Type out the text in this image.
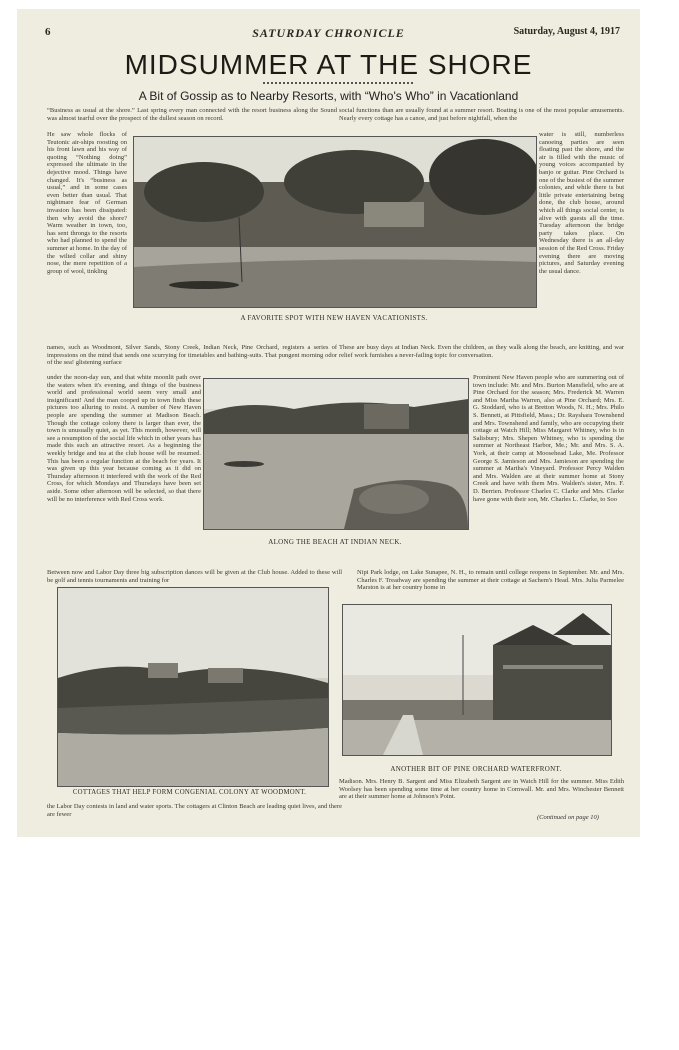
6	SATURDAY CHRONICLE	Saturday, August 4, 1917
MIDSUMMER AT THE SHORE
A Bit of Gossip as to Nearby Resorts, with “Who's Who” in Vacationland
“Business as usual at the shore.” Last spring every man connected with the resort business along the Sound was almost tearful over the prospect of the dullest season on record.
social functions than are usually found at a summer resort. Boating is one of the most popular amusements. Nearly every cottage has a canoe, and just before nightfall, when the
He saw whole flocks of Teutonic air-ships roosting on his front lawn and his way of quoting “Nothing doing” expressed the ultimate in the dejective mood. Things have changed. It's “business as usual,” and in some cases even better than usual. That nightmare fear of German invasion has been dissipated: then why avoid the shore? Warm weather in town, too, has sent throngs to the resorts who had planned to spend the summer at home. In the day of the wilted collar and shiny nose, the mere repetition of a group of wool, tinkling
A FAVORITE SPOT WITH NEW HAVEN VACATIONISTS.
water is still, numberless canoeing parties are seen floating past the shore, and the air is filled with the music of young voices accompanied by banjo or guitar. Pine Orchard is one of the busiest of the summer colonies, and while there is but little private entertaining being done, the club house, around which all things social center, is alive with guests all the time. Tuesday afternoon the bridge party takes place. On Wednesday there is an all-day session of the Red Cross. Friday evening there are moving pictures, and Saturday evening the usual dance.
names, such as Woodmont, Silver Sands, Stony Creek, Indian Neck, Pine Orchard, registers a series of impressions on the mind that sends one scurrying for timetables and bathing-suits. That pungent morning odor of the sea! glistening surface
These are busy days at Indian Neck. Even the children, as they walk along the beach, are knitting, and war relief work furnishes a never-failing topic for conversation.
under the noon-day sun, and that white moonlit path over the waters when it's evening, and things of the business world and professional world seem very small and insignificant! And the man cooped up in town finds these pictures too alluring to resist. A number of New Haven people are spending the summer at Madison Beach. Though the cottage colony there is larger than ever, the town is unusually quiet, as yet. This month, however, will see a resumption of the social life which in other years has made this such an attractive resort. As a beginning the weekly bridge and tea at the club house will be resumed. This has been a regular function at the beach for years. It was given up this year because coming as it did on Thursday afternoon it interfered with the work of the Red Cross, for which Mondays and Thursdays have been set aside. Some other afternoon will be selected, so that there will be no interference with Red Cross work.
ALONG THE BEACH AT INDIAN NECK.
Prominent New Haven people who are summering out of town include: Mr. and Mrs. Burton Mansfield, who are at Pine Orchard for the season; Mrs. Frederick M. Warren and Miss Martha Warren, also at Pine Orchard; Mrs. E. G. Stoddard, who is at Bretton Woods, N. H.; Mrs. Philo S. Bennett, at Pittsfield, Mass.; Dr. Rayshara Townshend and Mrs. Townshend and family, who are occupying their cottage at Watch Hill; Miss Margaret Whitney, who is in Salisbury; Mrs. Shepen Whitney, who is spending the summer at Northeast Harbor, Me.; Mr. and Mrs. S. A. York, at their camp at Moosehead Lake, Me. Professor George S. Jamieson and Mrs. Jamieson are spending the summer at Martha's Vineyard. Professor Percy Walden and Mrs. Walden are at their summer home at Stony Creek and have with them Mrs. Walden's sister, Mrs. F. D. Berrien. Professor Charles C. Clarke and Mrs. Clarke have gone with their son, Mr. Charles L. Clarke, to Soo
Between now and Labor Day three big subscription dances will be given at the Club house. Added to these will be golf and tennis tournaments and training for
Nipi Park lodge, on Lake Sunapee, N. H., to remain until college reopens in September. Mr. and Mrs. Charles F. Treadway are spending the summer at their cottage at Sachem's Head. Mrs. Julia Parmelee Marston is at her country home in
COTTAGES THAT HELP FORM CONGENIAL COLONY AT WOODMONT.
ANOTHER BIT OF PINE ORCHARD WATERFRONT.
the Labor Day contests in land and water sports. The cottagers at Clinton Beach are leading quiet lives, and there are fewer
Madison. Mrs. Henry B. Sargent and Miss Elizabeth Sargent are in Watch Hill for the summer. Miss Edith Woolsey has been spending some time at her country home in Cornwall. Mr. and Mrs. Winchester Bennett are at their summer home at Johnson's Point.
(Continued on page 10)
